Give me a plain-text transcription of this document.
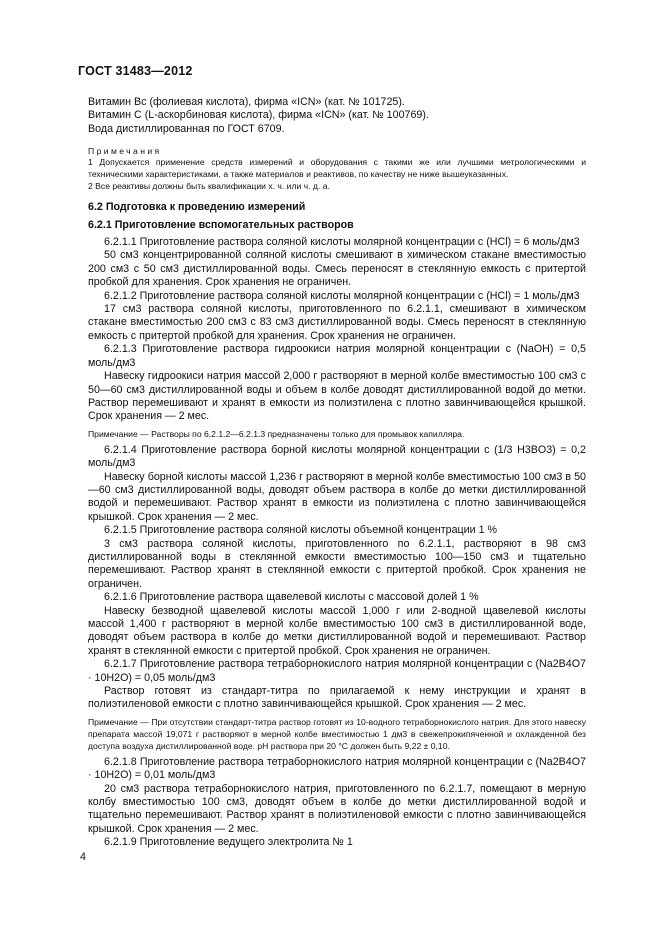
ГОСТ 31483—2012

Витамин Bc (фолиевая кислота), фирма «ICN» (кат. № 101725).

Витамин С (L-аскорбиновая кислота), фирма «ICN» (кат. № 100769).

Вода дистиллированная по ГОСТ 6709.

Примечания

1 Допускается применение средств измерений и оборудования с такими же или лучшими метрологическими и техническими характеристиками, а также материалов и реактивов, по качеству не ниже вышеуказанных.

2 Все реактивы должны быть квалификации х. ч. или ч. д. а.

6.2 Подготовка к проведению измерений

6.2.1 Приготовление вспомогательных растворов

6.2.1.1 Приготовление раствора соляной кислоты молярной концентрации c (HCl) = 6 моль/дм3

50 см3 концентрированной соляной кислоты смешивают в химическом стакане вместимостью 200 см3 с 50 см3 дистиллированной воды. Смесь переносят в стеклянную емкость с притертой пробкой для хранения. Срок хранения не ограничен.

6.2.1.2 Приготовление раствора соляной кислоты молярной концентрации c (HCl) = 1 моль/дм3

17 см3 раствора соляной кислоты, приготовленного по 6.2.1.1, смешивают в химическом стакане вместимостью 200 см3 с 83 см3 дистиллированной воды. Смесь переносят в стеклянную емкость с притертой пробкой для хранения. Срок хранения не ограничен.

6.2.1.3 Приготовление раствора гидроокиси натрия молярной концентрации c (NaOH) = 0,5 моль/дм3

Навеску гидроокиси натрия массой 2,000 г растворяют в мерной колбе вместимостью 100 см3 с 50—60 см3 дистиллированной воды и объем в колбе доводят дистиллированной водой до метки. Раствор перемешивают и хранят в емкости из полиэтилена с плотно завинчивающейся крышкой. Срок хранения — 2 мес.

Примечание — Растворы по 6.2.1.2—6.2.1.3 предназначены только для промывок капилляра.

6.2.1.4 Приготовление раствора борной кислоты молярной концентрации c (1/3 H3BO3) = 0,2 моль/дм3

Навеску борной кислоты массой 1,236 г растворяют в мерной колбе вместимостью 100 см3 в 50—60 см3 дистиллированной воды, доводят объем раствора в колбе до метки дистиллированной водой и перемешивают. Раствор хранят в емкости из полиэтилена с плотно завинчивающейся крышкой. Срок хранения — 2 мес.

6.2.1.5 Приготовление раствора соляной кислоты объемной концентрации 1 %

3 см3 раствора соляной кислоты, приготовленного по 6.2.1.1, растворяют в 98 см3 дистиллированной воды в стеклянной емкости вместимостью 100—150 см3 и тщательно перемешивают. Раствор хранят в стеклянной емкости с притертой пробкой. Срок хранения не ограничен.

6.2.1.6 Приготовление раствора щавелевой кислоты с массовой долей 1 %

Навеску безводной щавелевой кислоты массой 1,000 г или 2-водной щавелевой кислоты массой 1,400 г растворяют в мерной колбе вместимостью 100 см3 в дистиллированной воде, доводят объем раствора в колбе до метки дистиллированной водой и перемешивают. Раствор хранят в стеклянной емкости с притертой пробкой. Срок хранения не ограничен.

6.2.1.7 Приготовление раствора тетраборнокислого натрия молярной концентрации c (Na2B4O7 · 10H2O) = 0,05 моль/дм3

Раствор готовят из стандарт-титра по прилагаемой к нему инструкции и хранят в полиэтиленовой емкости с плотно завинчивающейся крышкой. Срок хранения — 2 мес.

Примечание — При отсутствии стандарт-титра раствор готовят из 10-водного тетраборнокислого натрия. Для этого навеску препарата массой 19,071 г растворяют в мерной колбе вместимостью 1 дм3 в свежепрокипяченной и охлажденной без доступа воздуха дистиллированной воде. pH раствора при 20 °С должен быть 9,22 ± 0,10.

6.2.1.8 Приготовление раствора тетраборнокислого натрия молярной концентрации c (Na2B4O7 · 10H2O) = 0,01 моль/дм3

20 см3 раствора тетраборнокислого натрия, приготовленного по 6.2.1.7, помещают в мерную колбу вместимостью 100 см3, доводят объем в колбе до метки дистиллированной водой и тщательно перемешивают. Раствор хранят в полиэтиленовой емкости с плотно завинчивающейся крышкой. Срок хранения — 2 мес.

6.2.1.9 Приготовление ведущего электролита № 1

4
